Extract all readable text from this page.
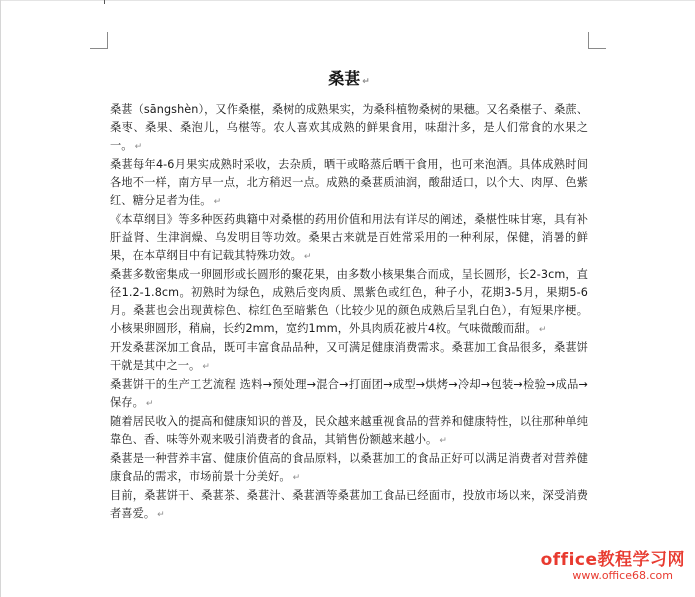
桑葚 ↵

桑葚（sāngshèn），又作桑椹，桑树的成熟果实，为桑科植物桑树的果穗。又名桑椹子、桑蔗、桑枣、桑果、桑泡儿，乌椹等。农人喜欢其成熟的鲜果食用，味甜汁多，是人们常食的水果之一。 ↵

桑葚每年4-6月果实成熟时采收，去杂质，晒干或略蒸后晒干食用，也可来泡酒。具体成熟时间各地不一样，南方早一点，北方稍迟一点。成熟的桑葚质油润，酸甜适口，以个大、肉厚、色紫红、糖分足者为佳。 ↵

《本草纲目》等多种医药典籍中对桑椹的药用价值和用法有详尽的阐述，桑椹性味甘寒，具有补肝益肾、生津润燥、乌发明目等功效。桑果古来就是百姓常采用的一种利尿，保健，消暑的鲜果，在本草纲目中有记载其特殊功效。 ↵

桑葚多数密集成一卵圆形或长圆形的聚花果，由多数小核果集合而成，呈长圆形，长2-3cm，直径1.2-1.8cm。初熟时为绿色，成熟后变肉质、黑紫色或红色，种子小，花期3-5月，果期5-6月。桑葚也会出现黄棕色、棕红色至暗紫色（比较少见的颜色成熟后呈乳白色），有短果序梗。小核果卵圆形，稍扁，长约2mm，宽约1mm，外具肉质花被片4枚。气味微酸而甜。 ↵

开发桑葚深加工食品，既可丰富食品品种，又可满足健康消费需求。桑葚加工食品很多，桑葚饼干就是其中之一。 ↵

桑葚饼干的生产工艺流程 选料→预处理→混合→打面团→成型→烘烤→冷却→包装→检验→成品→保存。 ↵

随着居民收入的提高和健康知识的普及，民众越来越重视食品的营养和健康特性，以往那种单纯靠色、香、味等外观来吸引消费者的食品，其销售份额越来越小。 ↵

桑葚是一种营养丰富、健康价值高的食品原料，以桑葚加工的食品正好可以满足消费者对营养健康食品的需求，市场前景十分美好。 ↵

目前，桑葚饼干、桑葚茶、桑葚汁、桑葚酒等桑葚加工食品已经面市，投放市场以来，深受消费者喜爱。 ↵

office教程学习网
www.office68.com
